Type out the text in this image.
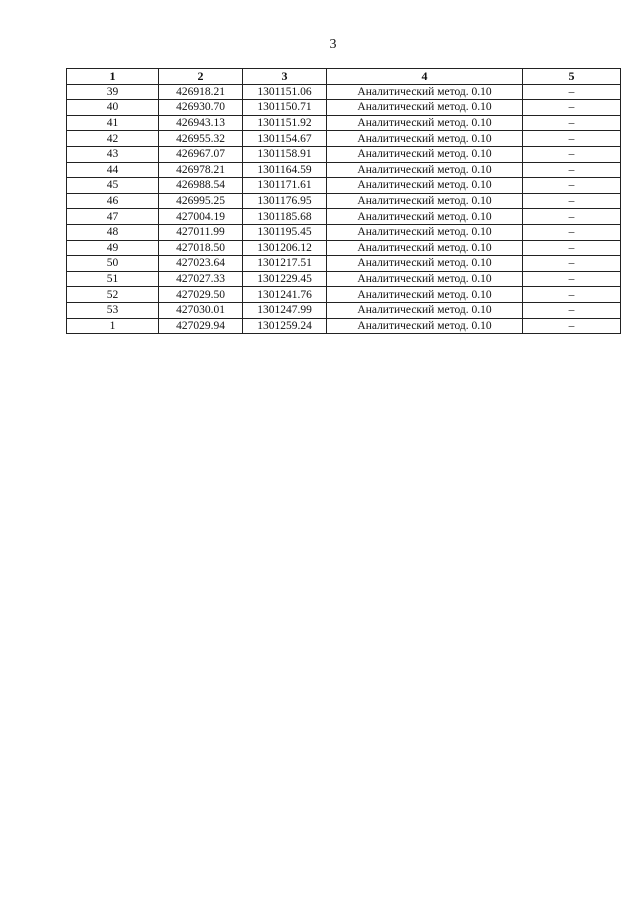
3
1	2	3	4	5
39	426918.21	1301151.06	Аналитический метод. 0.10	–
40	426930.70	1301150.71	Аналитический метод. 0.10	–
41	426943.13	1301151.92	Аналитический метод. 0.10	–
42	426955.32	1301154.67	Аналитический метод. 0.10	–
43	426967.07	1301158.91	Аналитический метод. 0.10	–
44	426978.21	1301164.59	Аналитический метод. 0.10	–
45	426988.54	1301171.61	Аналитический метод. 0.10	–
46	426995.25	1301176.95	Аналитический метод. 0.10	–
47	427004.19	1301185.68	Аналитический метод. 0.10	–
48	427011.99	1301195.45	Аналитический метод. 0.10	–
49	427018.50	1301206.12	Аналитический метод. 0.10	–
50	427023.64	1301217.51	Аналитический метод. 0.10	–
51	427027.33	1301229.45	Аналитический метод. 0.10	–
52	427029.50	1301241.76	Аналитический метод. 0.10	–
53	427030.01	1301247.99	Аналитический метод. 0.10	–
1	427029.94	1301259.24	Аналитический метод. 0.10	–
